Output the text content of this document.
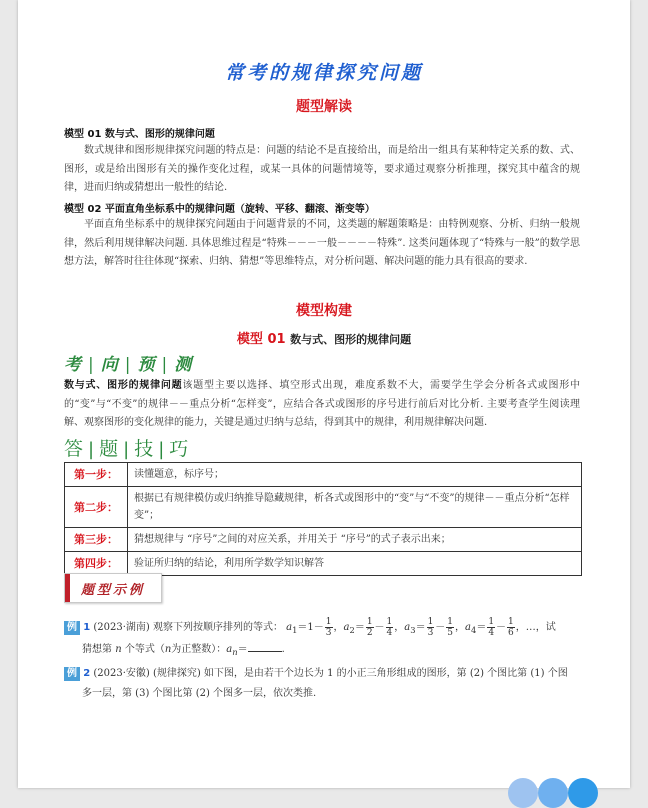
常考的规律探究问题
题型解读
模型 01 数与式、图形的规律问题

数式规律和图形规律探究问题的特点是：问题的结论不是直接给出，而是给出一组具有某种特定关系的数、式、图形，或是给出图形有关的操作变化过程，或某一具体的问题情境等，要求通过观察分析推理，探究其中蕴含的规律，进而归纳或猜想出一般性的结论.

模型 02 平面直角坐标系中的规律问题（旋转、平移、翻滚、渐变等）

平面直角坐标系中的规律探究问题由于问题背景的不同，这类题的解题策略是：由特例观察、分析、归纳一般规律，然后利用规律解决问题. 具体思维过程是“特殊－－－一般－－－－特殊”. 这类问题体现了“特殊与一般”的数学思想方法，解答时往往体现“探索、归纳、猜想”等思维特点，对分析问题、解决问题的能力具有很高的要求.

模型构建
模型 01 数与式、图形的规律问题
考 | 向 | 预 | 测

数与式、图形的规律问题该题型主要以选择、填空形式出现，难度系数不大，需要学生学会分析各式或图形中的“变”与“不变”的规律－－重点分析“怎样变”，应结合各式或图形的序号进行前后对比分析. 主要考查学生阅读理解、观察图形的变化规律的能力，关键是通过归纳与总结，得到其中的规律，利用规律解决问题.

答 | 题 | 技 | 巧
第一步：	读懂题意，标序号；
第二步：	根据已有规律模仿或归纳推导隐藏规律，析各式或图形中的“变”与“不变”的规律－－重点分析“怎样变”；
第三步：	猜想规律与 “序号”之间的对应关系，并用关于 “序号”的式子表示出来；
第四步：	验证所归纳的结论，利用所学数学知识解答
题型示例
例 1 (2023·湖南) 观察下列按顺序排列的等式： $a_1=1- \frac{1}{3}$ ，$a_2= \frac{1}{2} - \frac{1}{4}$ ，$a_3= \frac{1}{3} - \frac{1}{5}$ ，$a_4= \frac{1}{4} - \frac{1}{6}$ ，…，试
猜想第 n 个等式（n为正整数）：$a_n=$	.
例 2 (2023·安徽) (规律探究) 如下图，是由若干个边长为 1 的小正三角形组成的图形，第 (2) 个图比第 (1) 个图
多一层，第 (3) 个图比第 (2) 个图多一层，依次类推.
